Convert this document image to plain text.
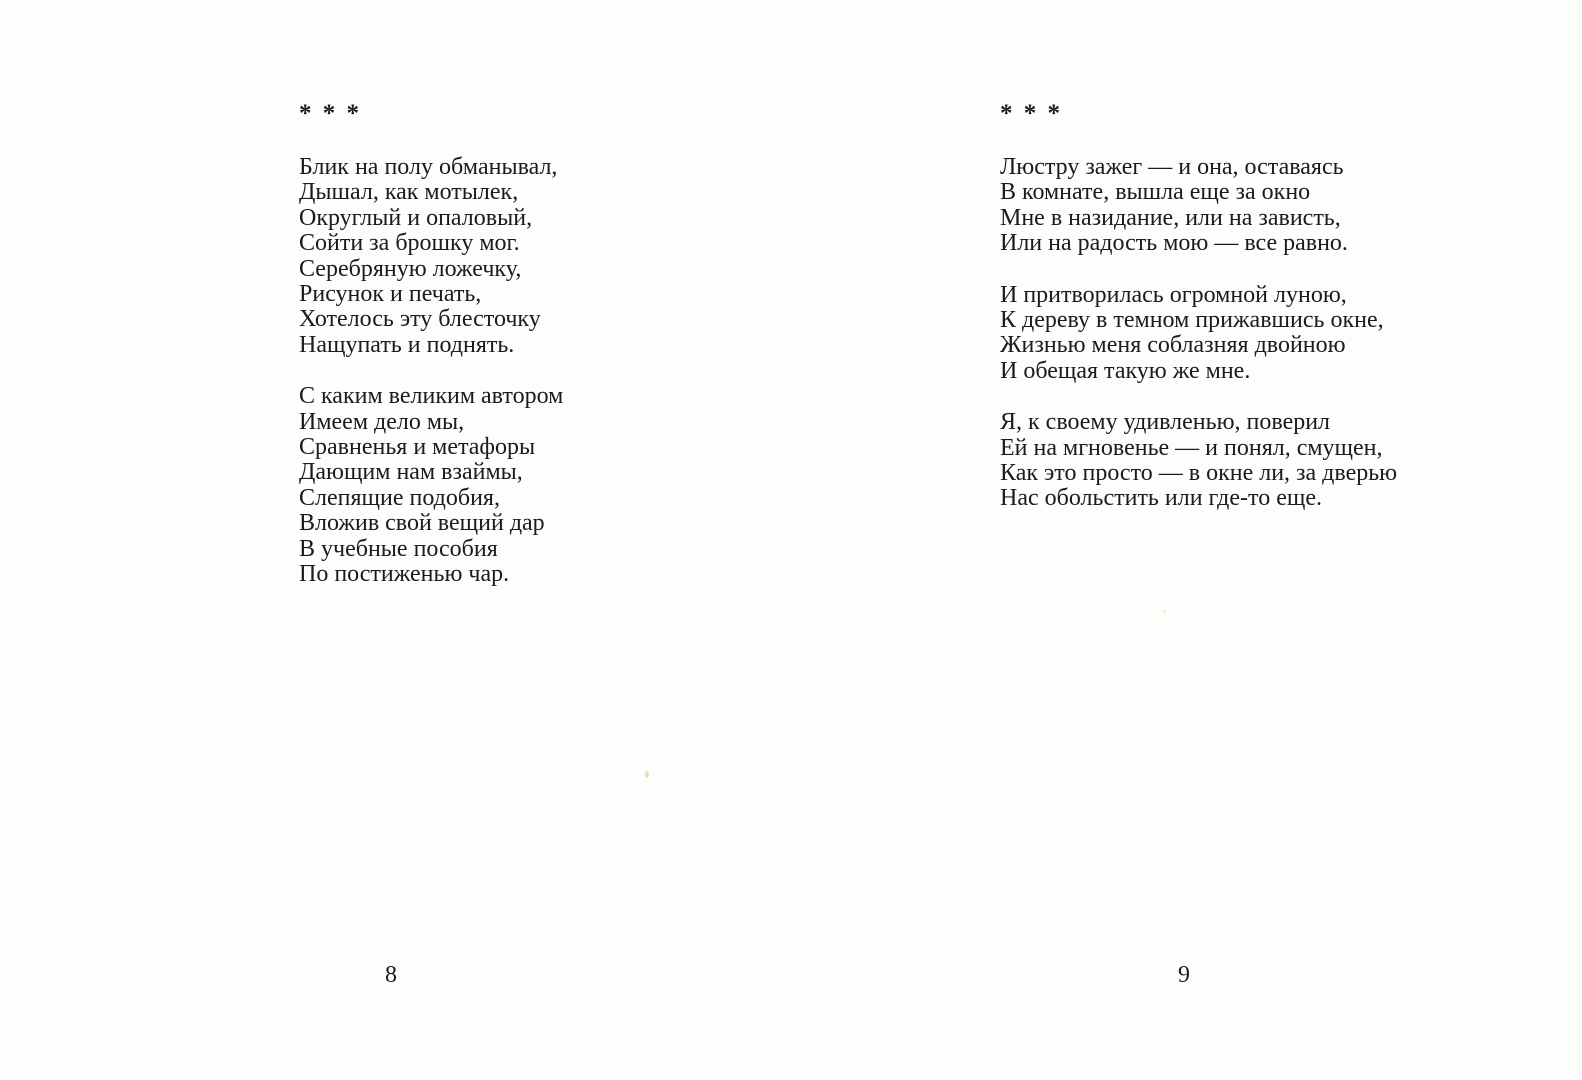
* * *
Блик на полу обманывал,
Дышал, как мотылек,
Округлый и опаловый,
Сойти за брошку мог.
Серебряную ложечку,
Рисунок и печать,
Хотелось эту блесточку
Нащупать и поднять.
С каким великим автором
Имеем дело мы,
Сравненья и метафоры
Дающим нам взаймы,
Слепящие подобия,
Вложив свой вещий дар
В учебные пособия
По постиженью чар.
* * *
Люстру зажег — и она, оставаясь
В комнате, вышла еще за окно
Мне в назидание, или на зависть,
Или на радость мою — все равно.
И притворилась огромной луною,
К дереву в темном прижавшись окне,
Жизнью меня соблазняя двойною
И обещая такую же мне.
Я, к своему удивленью, поверил
Ей на мгновенье — и понял, смущен,
Как это просто — в окне ли, за дверью
Нас обольстить или где-то еще.
8	9
